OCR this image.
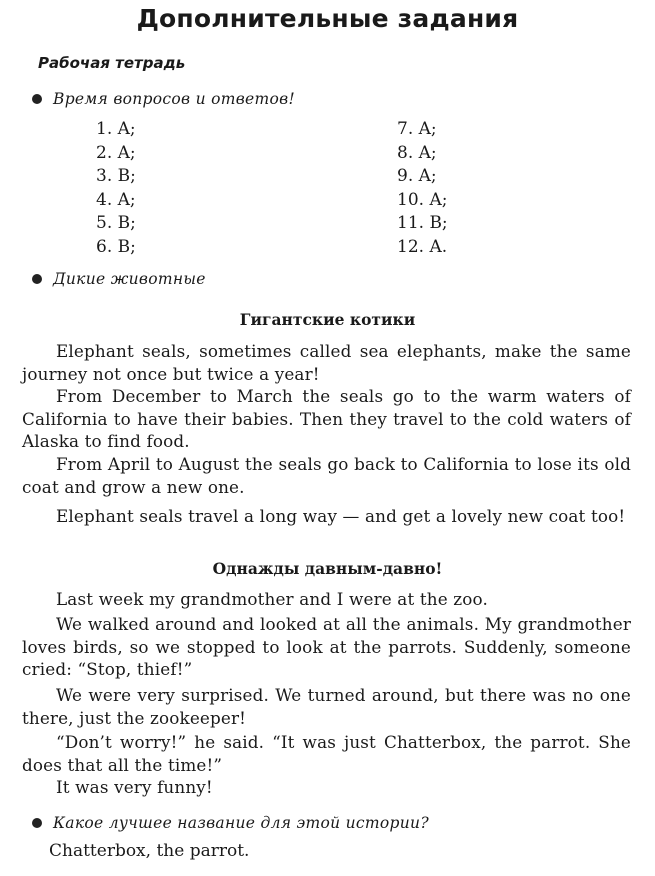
Дополнительные задания
Рабочая тетрадь
Время вопросов и ответов!
1. A;
2. A;
3. B;
4. A;
5. B;
6. B;
7. A;
8. A;
9. A;
10. A;
11. B;
12. A.
Дикие животные
Гигантские котики
Elephant seals, sometimes called sea elephants, make the same journey not once but twice a year!
From December to March the seals go to the warm waters of California to have their babies. Then they travel to the cold waters of Alaska to find food.
From April to August the seals go back to California to lose its old coat and grow a new one.
Elephant seals travel a long way — and get a lovely new coat too!
Однажды давным-давно!
Last week my grandmother and I were at the zoo.
We walked around and looked at all the animals. My grandmother loves birds, so we stopped to look at the parrots. Suddenly, someone cried: “Stop, thief!”
We were very surprised. We turned around, but there was no one there, just the zookeeper!
“Don’t worry!” he said. “It was just Chatterbox, the parrot. She does that all the time!”
It was very funny!
Какое лучшее название для этой истории?
Chatterbox, the parrot.
